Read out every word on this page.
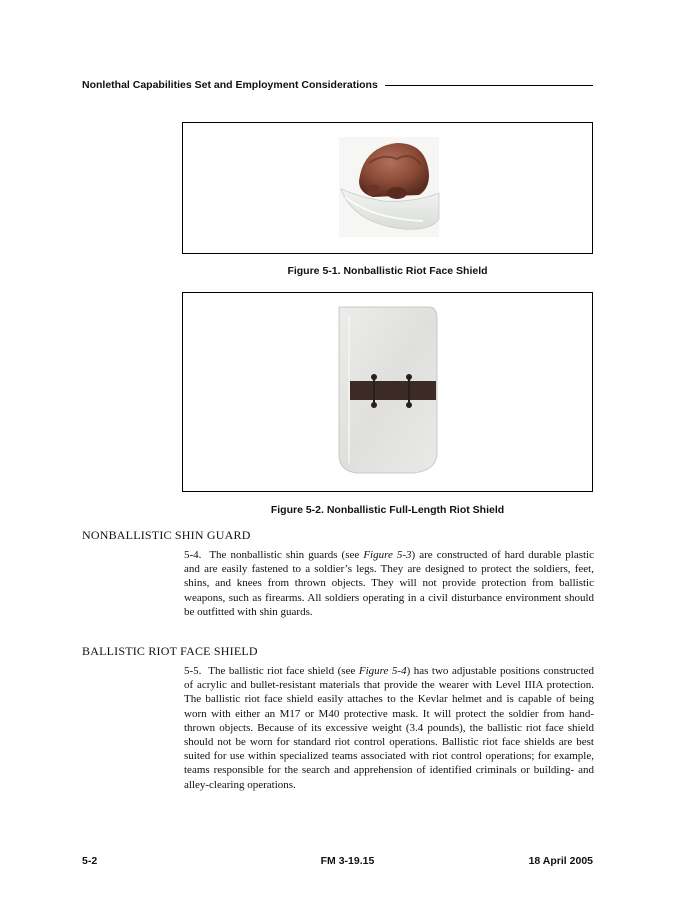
Nonlethal Capabilities Set and Employment Considerations
Figure 5-1. Nonballistic Riot Face Shield
Figure 5-2. Nonballistic Full-Length Riot Shield
NONBALLISTIC SHIN GUARD

5-4. The nonballistic shin guards (see Figure 5-3) are constructed of hard durable plastic and are easily fastened to a soldier’s legs. They are designed to protect the soldiers, feet, shins, and knees from thrown objects. They will not provide protection from ballistic weapons, such as firearms. All soldiers operating in a civil disturbance environment should be outfitted with shin guards.

BALLISTIC RIOT FACE SHIELD

5-5. The ballistic riot face shield (see Figure 5-4) has two adjustable positions constructed of acrylic and bullet-resistant materials that provide the wearer with Level IIIA protection. The ballistic riot face shield easily attaches to the Kevlar helmet and is capable of being worn with either an M17 or M40 protective mask. It will protect the soldier from hand-thrown objects. Because of its excessive weight (3.4 pounds), the ballistic riot face shield should not be worn for standard riot control operations. Ballistic riot face shields are best suited for use within specialized teams associated with riot control operations; for example, teams responsible for the search and apprehension of identified criminals or building- and alley-clearing operations.

5-2	FM 3-19.15	18 April 2005
